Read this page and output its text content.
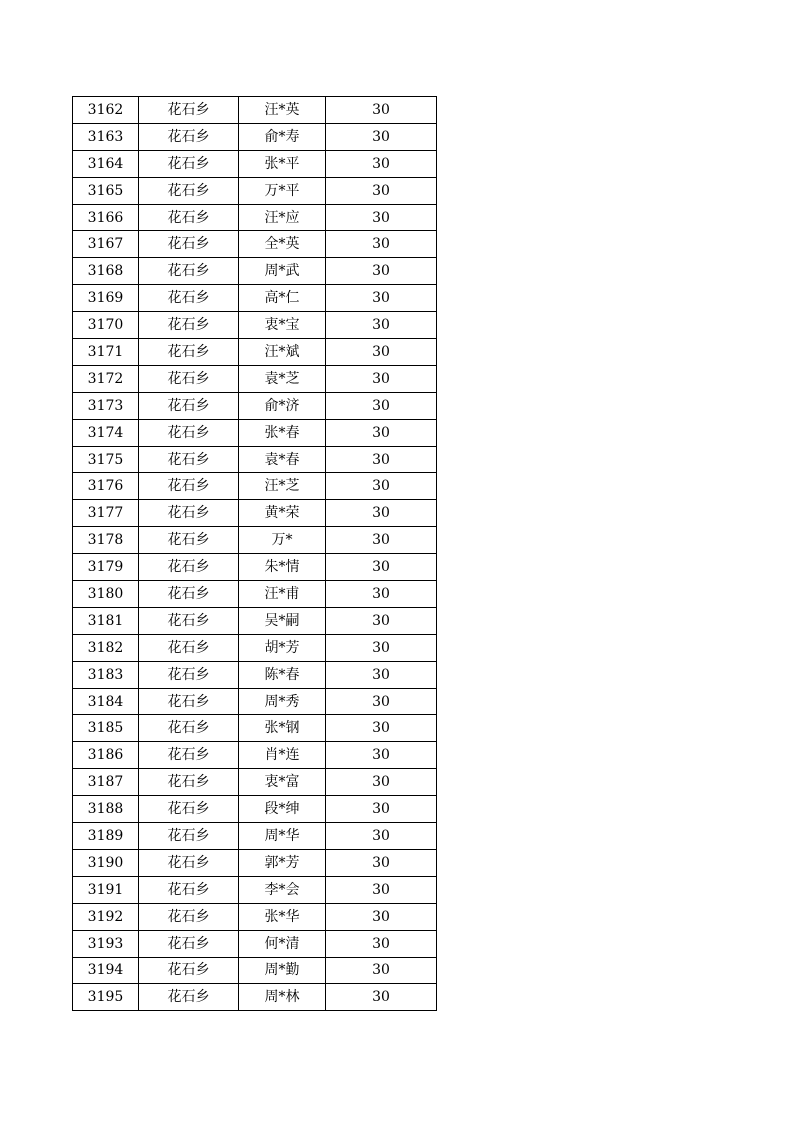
3162	花石乡	汪*英	30
3163	花石乡	俞*寿	30
3164	花石乡	张*平	30
3165	花石乡	万*平	30
3166	花石乡	汪*应	30
3167	花石乡	全*英	30
3168	花石乡	周*武	30
3169	花石乡	高*仁	30
3170	花石乡	衷*宝	30
3171	花石乡	汪*斌	30
3172	花石乡	袁*芝	30
3173	花石乡	俞*济	30
3174	花石乡	张*春	30
3175	花石乡	袁*春	30
3176	花石乡	汪*芝	30
3177	花石乡	黄*荣	30
3178	花石乡	万*	30
3179	花石乡	朱*情	30
3180	花石乡	汪*甫	30
3181	花石乡	吴*嗣	30
3182	花石乡	胡*芳	30
3183	花石乡	陈*春	30
3184	花石乡	周*秀	30
3185	花石乡	张*钢	30
3186	花石乡	肖*连	30
3187	花石乡	衷*富	30
3188	花石乡	段*绅	30
3189	花石乡	周*华	30
3190	花石乡	郭*芳	30
3191	花石乡	李*会	30
3192	花石乡	张*华	30
3193	花石乡	何*清	30
3194	花石乡	周*勤	30
3195	花石乡	周*林	30
